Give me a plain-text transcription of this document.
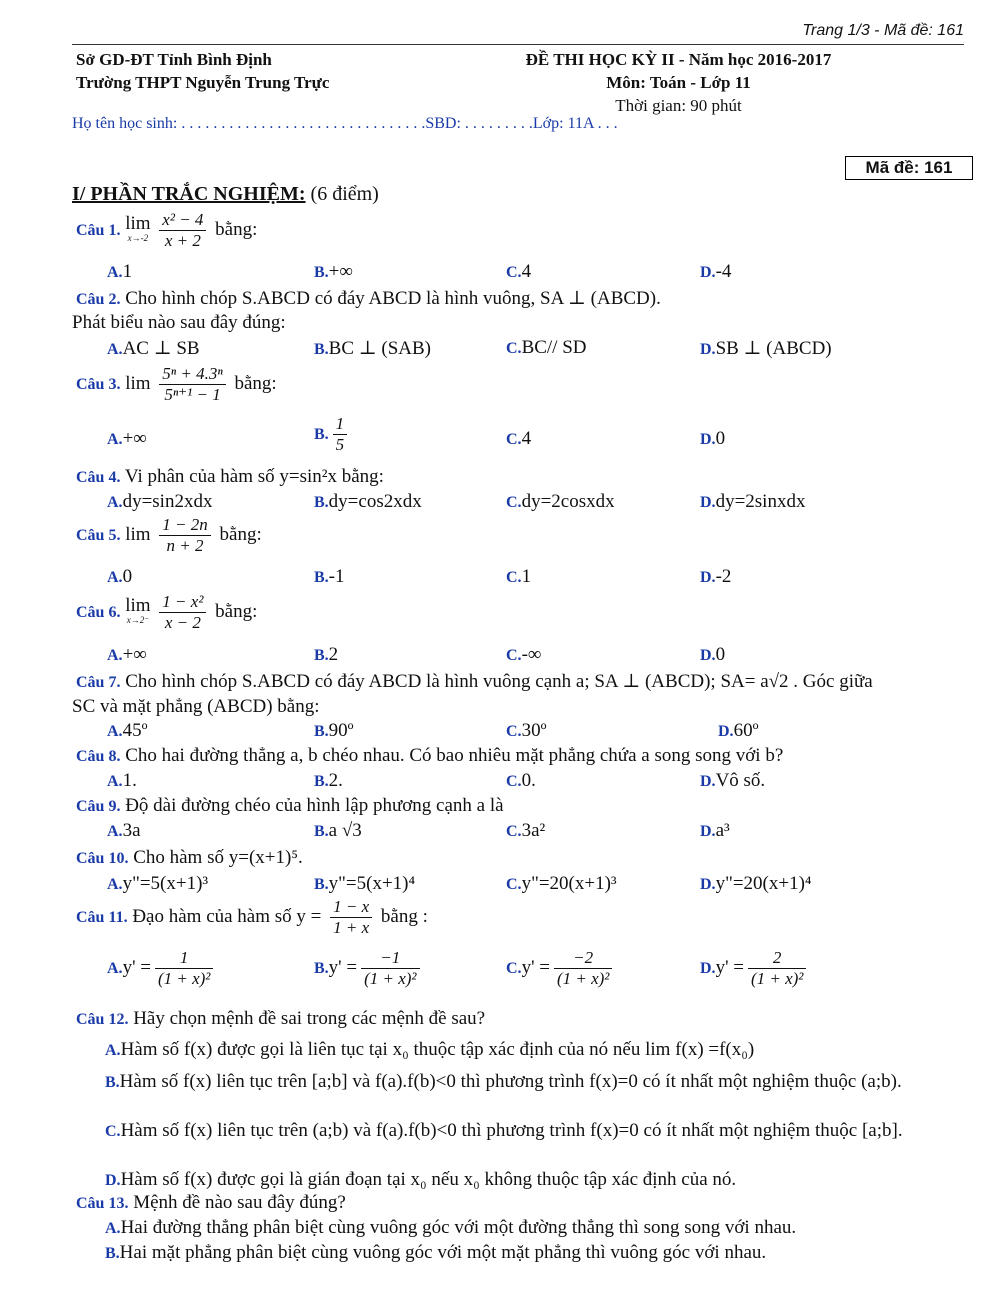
Trang 1/3 - Mã đề: 161
Sở GD-ĐT Tỉnh Bình Định
Trường THPT Nguyễn Trung Trực
ĐỀ THI HỌC KỲ II - Năm học 2016-2017
Môn: Toán - Lớp 11
Thời gian: 90 phút
Họ tên học sinh: . . . . . . . . . . . . . . . . . . . . . . . . . . . . . . .SBD: . . . . . . . . .Lớp: 11A . . .
Mã đề: 161
I/ PHẦN TRẮC NGHIỆM: (6 điểm)
Câu 1. lim
x→-2
$\frac{\text{x² − 4}}{x + 2}$ bằng:
A.1	B.+∞	C.4	D.-4
Câu 2. Cho hình chóp S.ABCD có đáy ABCD là hình vuông, SA ⊥ (ABCD).
Phát biểu nào sau đây đúng:
A.AC ⊥ SB	B.BC ⊥ (SAB)	C.BC// SD	D.SB ⊥ (ABCD)
Câu 3. $\lim \frac{\text{5ⁿ + 4.3ⁿ}}{\text{5ⁿ⁺¹ − 1}}$ bằng:
A.+∞	B. $\frac{1}{5}$	C.4	D.0
Câu 4. Vi phân của hàm số y=sin²x bằng:
A.dy=sin2xdx	B.dy=cos2xdx	C.dy=2cosxdx	D.dy=2sinxdx
Câu 5. $\lim \frac{1 - 2n}{n + 2}$ bằng:
A.0	B.-1	C.1	D.-2
Câu 6. lim
x→2⁻
$\frac{\text{1 − x²}}{x - 2}$ bằng:
A.+∞	B.2	C.-∞	D.0
Câu 7. Cho hình chóp S.ABCD có đáy ABCD là hình vuông cạnh a; SA ⊥ (ABCD); SA= a√2 . Góc giữa
SC và mặt phẳng (ABCD) bằng:
A.45º	B.90º	C.30º	D.60º
Câu 8. Cho hai đường thẳng a, b chéo nhau. Có bao nhiêu mặt phẳng chứa a song song với b?
A.1.	B.2.	C.0.	D.Vô số.
Câu 9. Độ dài đường chéo của hình lập phương cạnh a là
A.3a	B.a √3	C.3a²	D.a³
Câu 10. Cho hàm số y=(x+1)⁵.
A.y"=5(x+1)³	B.y"=5(x+1)⁴	C.y"=20(x+1)³	D.y"=20(x+1)⁴
Câu 11. Đạo hàm của hàm số $y = \frac{1 - x}{1 + x}$ bằng :
$A.y' = \frac{1}{\text{(1 + x)²}}$	$B.y' = \frac{-1}{\text{(1 + x)²}}$	$C.y' = \frac{-2}{\text{(1 + x)²}}$	$D.y' = \frac{2}{\text{(1 + x)²}}$
Câu 12. Hãy chọn mệnh đề sai trong các mệnh đề sau?
A.Hàm số f(x) được gọi là liên tục tại x₀ thuộc tập xác định của nó nếu lim f(x) =f(x₀)
B.Hàm số f(x) liên tục trên [a;b] và f(a).f(b)<0 thì phương trình f(x)=0 có ít nhất một nghiệm thuộc (a;b).
C.Hàm số f(x) liên tục trên (a;b) và f(a).f(b)<0 thì phương trình f(x)=0 có ít nhất một nghiệm thuộc [a;b].
D.Hàm số f(x) được gọi là gián đoạn tại x₀ nếu x₀ không thuộc tập xác định của nó.
Câu 13. Mệnh đề nào sau đây đúng?
A.Hai đường thẳng phân biệt cùng vuông góc với một đường thẳng thì song song với nhau.
B.Hai mặt phẳng phân biệt cùng vuông góc với một mặt phẳng thì vuông góc với nhau.
